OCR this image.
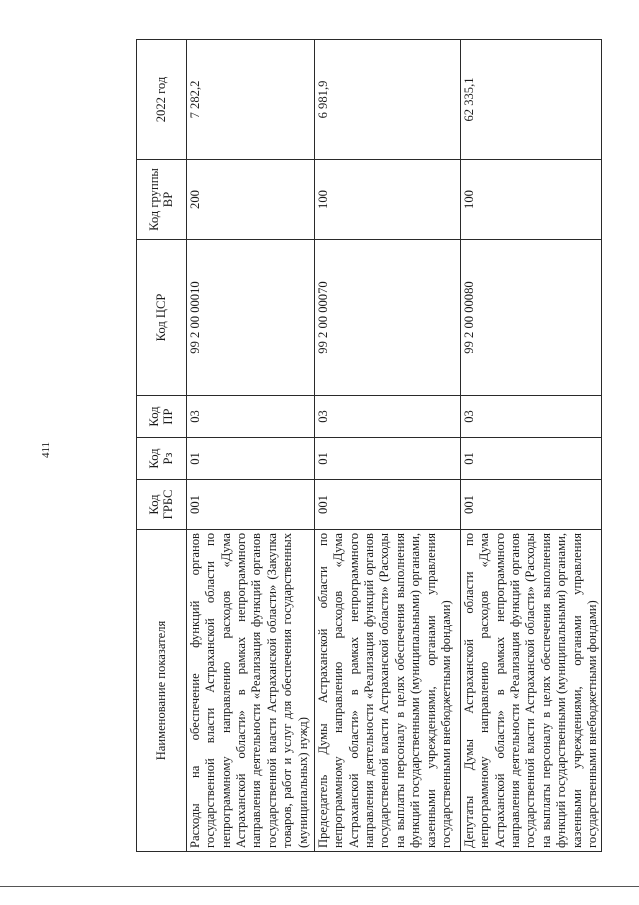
411
Наименование показателя	Код ГРБС	Код Рз	Код ПР	Код ЦСР	Код группы ВР	2022 год
Расходы на обеспечение функций органов государственной власти Астраханской области по непрограммному направлению расходов «Дума Астраханской области» в рамках непрограммного направления деятельности «Реализация функций органов государственной власти Астраханской области» (Закупка товаров, работ и услуг для обеспечения государственных (муниципальных) нужд)	001	01	03	99 2 00 00010	200	7 282,2
Председатель Думы Астраханской области по непрограммному направлению расходов «Дума Астраханской области» в рамках непрограммного направления деятельности «Реализация функций органов государственной власти Астраханской области» (Расходы на выплаты персоналу в целях обеспечения выполнения функций государственными (муниципальными) органами, казенными учреждениями, органами управления государственными внебюджетными фондами)	001	01	03	99 2 00 00070	100	6 981,9
Депутаты Думы Астраханской области по непрограммному направлению расходов «Дума Астраханской области» в рамках непрограммного направления деятельности «Реализация функций органов государственной власти Астраханской области» (Расходы на выплаты персоналу в целях обеспечения выполнения функций государственными (муниципальными) органами, казенными учреждениями, органами управления государственными внебюджетными фондами)	001	01	03	99 2 00 00080	100	62 335,1
